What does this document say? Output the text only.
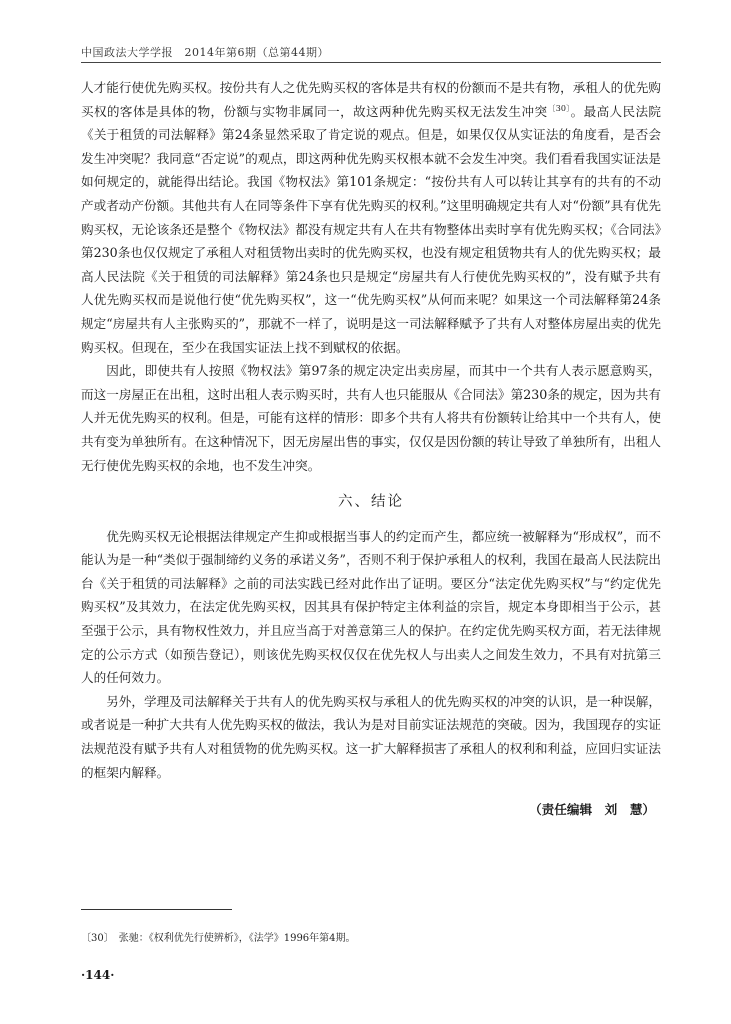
中国政法大学学报　2014年第6期（总第44期）

人才能行使优先购买权。按份共有人之优先购买权的客体是共有权的份额而不是共有物，承租人的优先购买权的客体是具体的物，份额与实物非属同一，故这两种优先购买权无法发生冲突$^{〔30〕}$。最高人民法院《关于租赁的司法解释》第24条显然采取了肯定说的观点。但是，如果仅仅从实证法的角度看，是否会发生冲突呢？我同意“否定说”的观点，即这两种优先购买权根本就不会发生冲突。我们看看我国实证法是如何规定的，就能得出结论。我国《物权法》第101条规定：“按份共有人可以转让其享有的共有的不动产或者动产份额。其他共有人在同等条件下享有优先购买的权利。”这里明确规定共有人对“份额”具有优先购买权，无论该条还是整个《物权法》都没有规定共有人在共有物整体出卖时享有优先购买权；《合同法》第230条也仅仅规定了承租人对租赁物出卖时的优先购买权，也没有规定租赁物共有人的优先购买权；最高人民法院《关于租赁的司法解释》第24条也只是规定“房屋共有人行使优先购买权的”，没有赋予共有人优先购买权而是说他行使“优先购买权”，这一“优先购买权”从何而来呢？如果这一个司法解释第24条规定“房屋共有人主张购买的”，那就不一样了，说明是这一司法解释赋予了共有人对整体房屋出卖的优先购买权。但现在，至少在我国实证法上找不到赋权的依据。

因此，即使共有人按照《物权法》第97条的规定决定出卖房屋，而其中一个共有人表示愿意购买，而这一房屋正在出租，这时出租人表示购买时，共有人也只能服从《合同法》第230条的规定，因为共有人并无优先购买的权利。但是，可能有这样的情形：即多个共有人将共有份额转让给其中一个共有人，使共有变为单独所有。在这种情况下，因无房屋出售的事实，仅仅是因份额的转让导致了单独所有，出租人无行使优先购买权的余地，也不发生冲突。

六、结论

优先购买权无论根据法律规定产生抑或根据当事人的约定而产生，都应统一被解释为“形成权”，而不能认为是一种“类似于强制缔约义务的承诺义务”，否则不利于保护承租人的权利，我国在最高人民法院出台《关于租赁的司法解释》之前的司法实践已经对此作出了证明。要区分“法定优先购买权”与“约定优先购买权”及其效力，在法定优先购买权，因其具有保护特定主体利益的宗旨，规定本身即相当于公示，甚至强于公示，具有物权性效力，并且应当高于对善意第三人的保护。在约定优先购买权方面，若无法律规定的公示方式（如预告登记），则该优先购买权仅仅在优先权人与出卖人之间发生效力，不具有对抗第三人的任何效力。

另外，学理及司法解释关于共有人的优先购买权与承租人的优先购买权的冲突的认识，是一种误解，或者说是一种扩大共有人优先购买权的做法，我认为是对目前实证法规范的突破。因为，我国现存的实证法规范没有赋予共有人对租赁物的优先购买权。这一扩大解释损害了承租人的权利和利益，应回归实证法的框架内解释。

（责任编辑　刘　慧）
〔30〕　张驰：《权利优先行使辨析》，《法学》1996年第4期。
·144·
